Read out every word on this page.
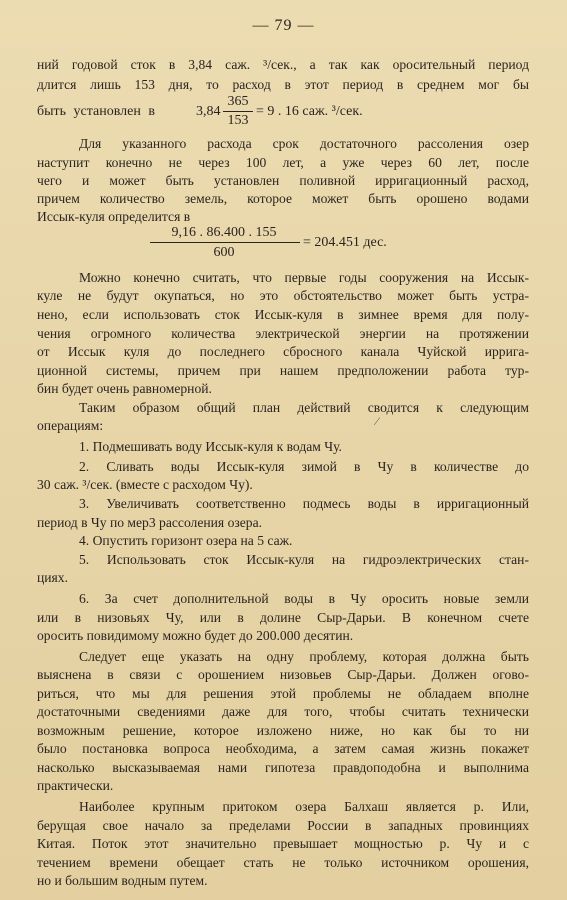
— 79 —
ний годовой сток в 3,84 саж. ³/сек., а так как оросительный период
длится лишь 153 дня, то расход в этот период в среднем мог бы
быть установлен в	3,84
365
153
= 9 . 16 саж. ³/сек.
Для указанного расхода срок достаточного рассоления озер
наступит конечно не через 100 лет, а уже через 60 лет, после
чего и может быть установлен поливной ирригационный расход,
причем количество земель, которое может быть орошено водами
Иссык-куля определится в
9,16 . 86.400 . 155
600
= 204.451 дес.
Можно конечно считать, что первые годы сооружения на Иссык-
куле не будут окупаться, но это обстоятельство может быть устра-
нено, если использовать сток Иссык-куля в зимнее время для полу-
чения огромного количества электрической энергии на протяжении
от Иссык куля до последнего сбросного канала Чуйской ирригa-
ционной системы, причем при нашем предположении работа тур-
бин будет очень равномерной.
Таким образом общий план действий сводится к следующим
операциям:	⁄
1. Подмешивать воду Иссык-куля к водам Чу.
2. Сливать воды Иссык-куля зимой в Чу в количестве до
30 саж. ³/сек. (вместе с расходом Чу).
3. Увеличивать соответственно подмесь воды в ирригационный
период в Чу по мер3 рассоления озера.
4. Опустить горизонт озера на 5 саж.
5. Использовать сток Иссык-куля на гидроэлектрических стан-
циях.
6. За счет дополнительной воды в Чу оросить новые земли
или в низовьях Чу, или в долине Сыр-Дарьи. В конечном счете
оросить повидимому можно будет до 200.000 десятин.
Следует еще указать на одну проблему, которая должна быть
выяснена в связи с орошением низовьев Сыр-Дарьи. Должен огово-
риться, что мы для решения этой проблемы не обладаем вполне
достаточными сведениями даже для того, чтобы считать технически
возможным решение, которое изложено ниже, но как бы то ни
было постановка вопроса необходима, а затем самая жизнь покажет
насколько высказываемая нами гипотеза правдоподобна и выполнима
практически.
Наиболее крупным притоком озера Балхаш является р. Или,
берущая свое начало за пределами России в западных провинциях
Китая. Поток этот значительно превышает мощностью р. Чу и с
течением времени обещает стать не только источником орошения,
но и большим водным путем.
